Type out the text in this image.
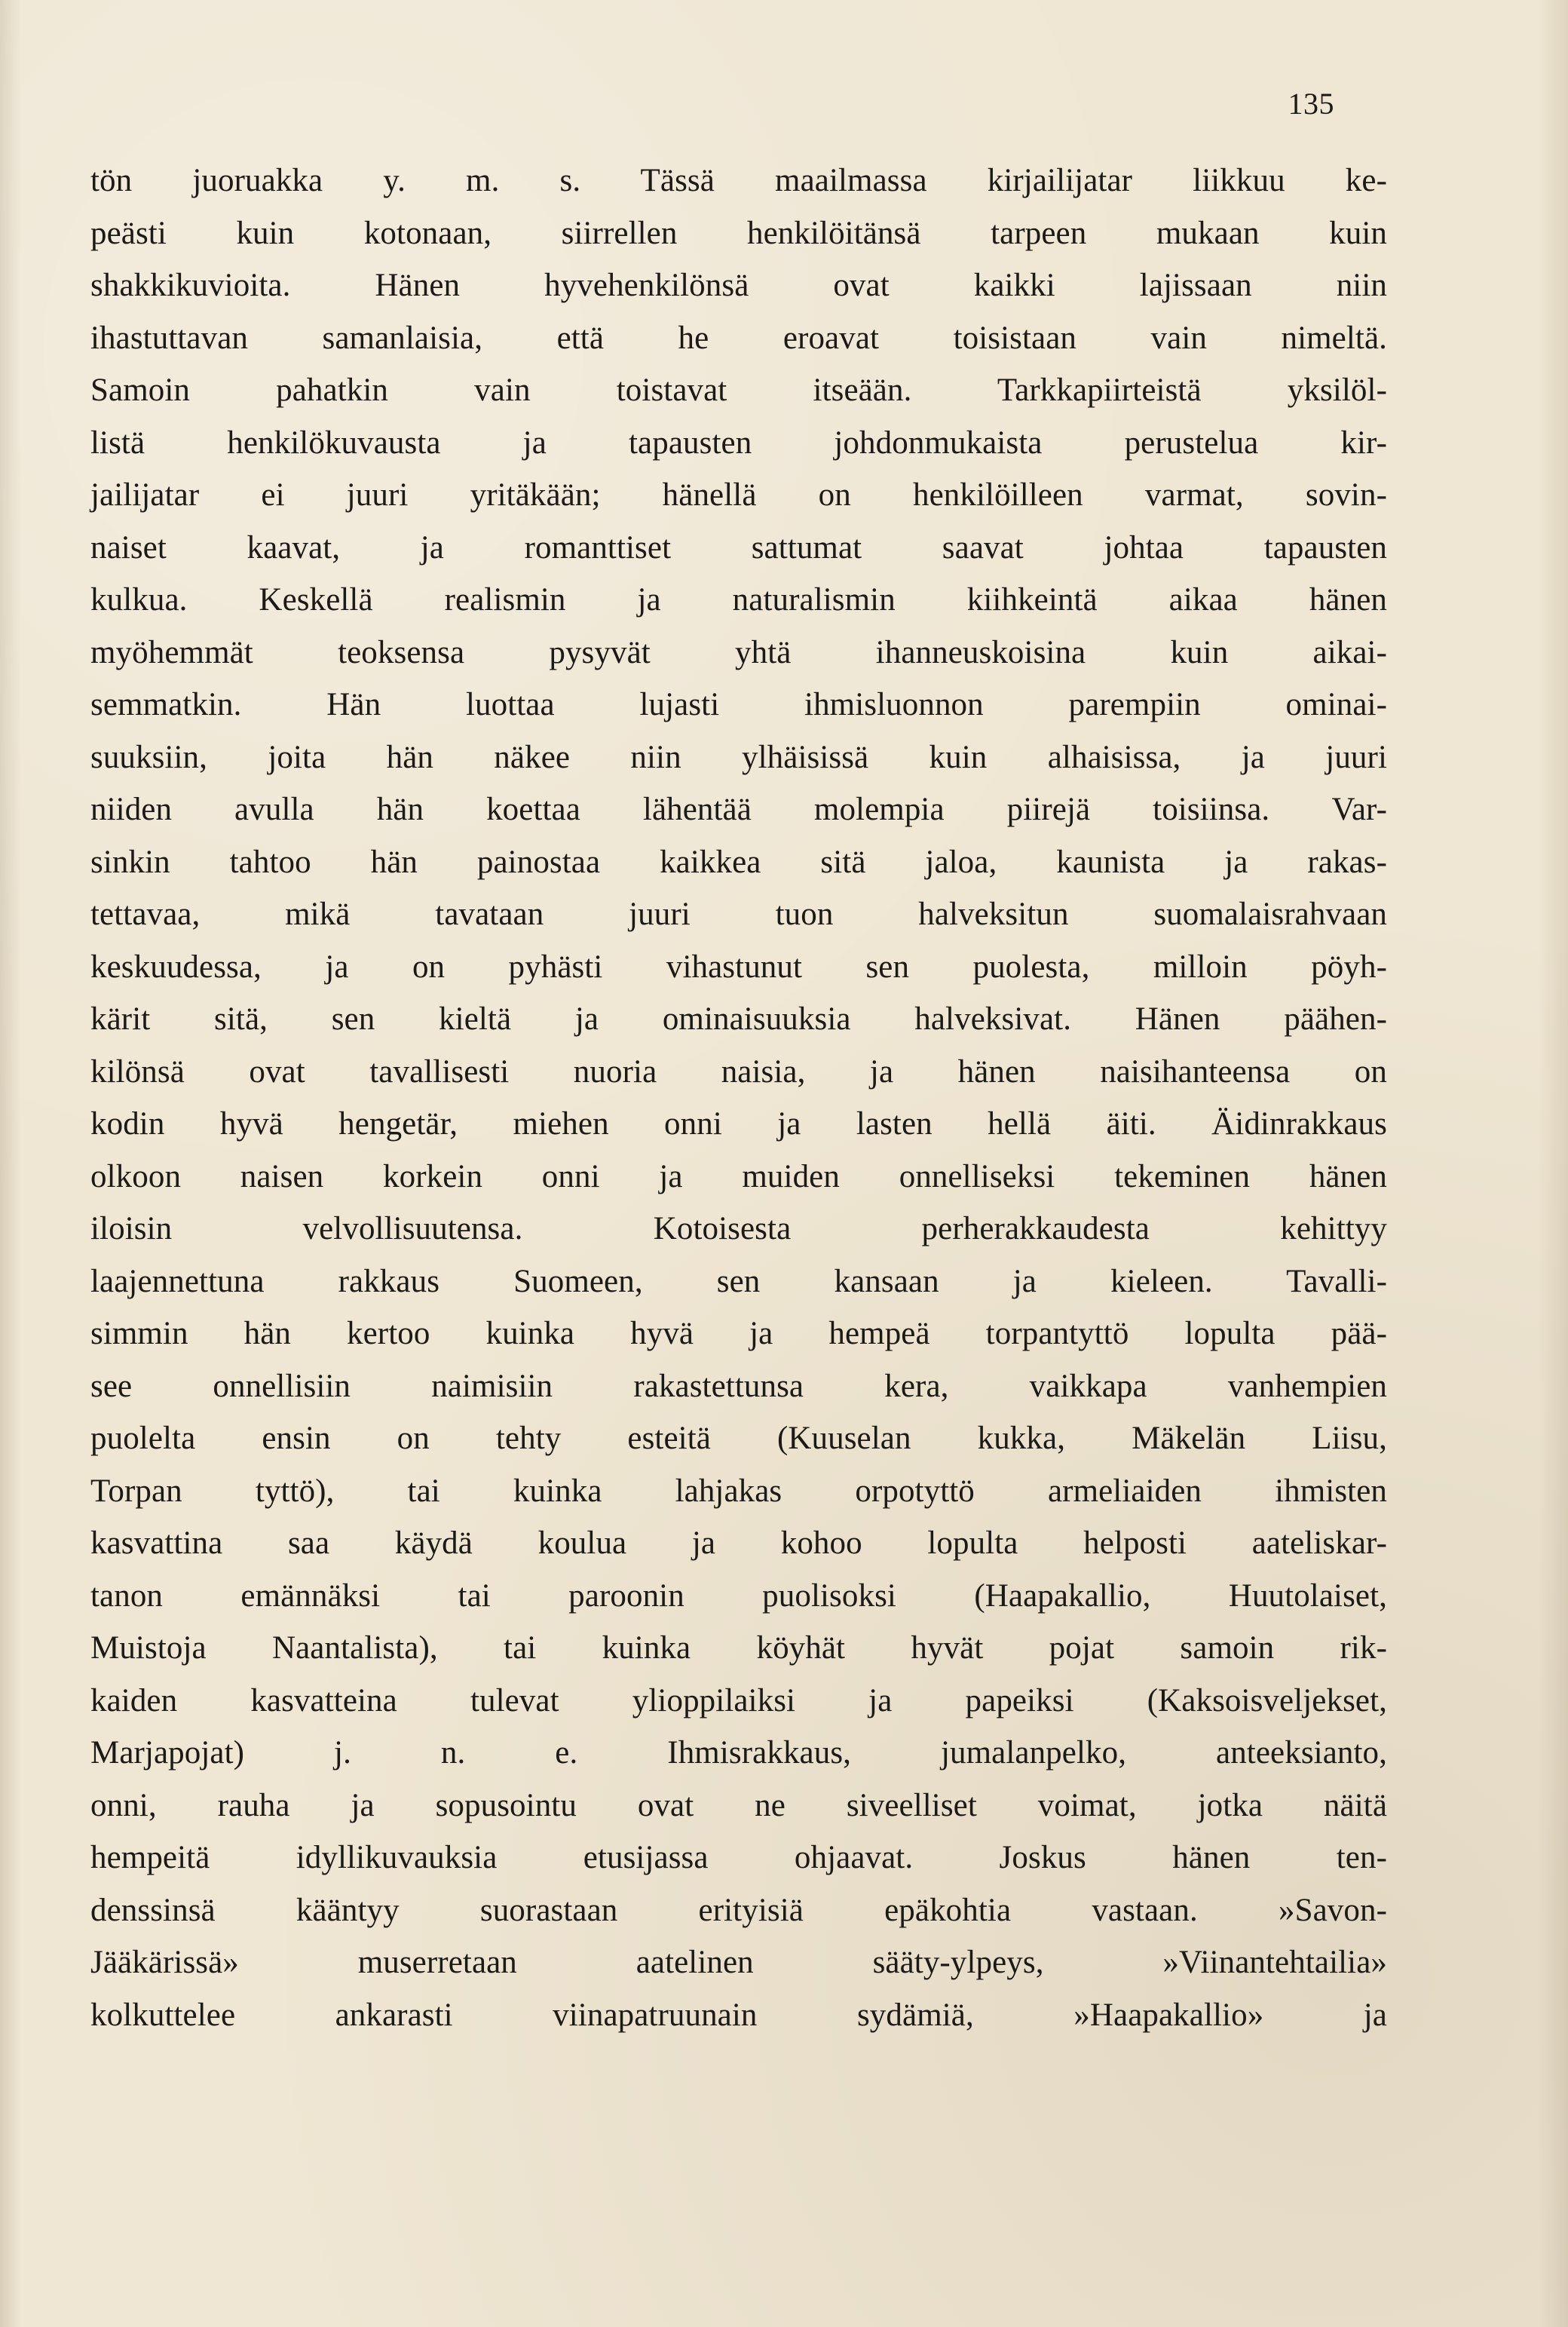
135
tön juoruakka y. m. s. Tässä maailmassa kirjailijatar liikkuu ke-
peästi kuin kotonaan, siirrellen henkilöitänsä tarpeen mukaan kuin
shakkikuvioita. Hänen hyvehenkilönsä ovat kaikki lajissaan niin
ihastuttavan samanlaisia, että he eroavat toisistaan vain nimeltä.
Samoin pahatkin vain toistavat itseään. Tarkkapiirteistä yksilöl-
listä henkilökuvausta ja tapausten johdonmukaista perustelua kir-
jailijatar ei juuri yritäkään; hänellä on henkilöilleen varmat, sovin-
naiset kaavat, ja romanttiset sattumat saavat johtaa tapausten
kulkua. Keskellä realismin ja naturalismin kiihkeintä aikaa hänen
myöhemmät teoksensa pysyvät yhtä ihanneuskoisina kuin aikai-
semmatkin. Hän luottaa lujasti ihmisluonnon parempiin ominai-
suuksiin, joita hän näkee niin ylhäisissä kuin alhaisissa, ja juuri
niiden avulla hän koettaa lähentää molempia piirejä toisiinsa. Var-
sinkin tahtoo hän painostaa kaikkea sitä jaloa, kaunista ja rakas-
tettavaa, mikä tavataan juuri tuon halveksitun suomalaisrahvaan
keskuudessa, ja on pyhästi vihastunut sen puolesta, milloin pöyh-
kärit sitä, sen kieltä ja ominaisuuksia halveksivat. Hänen päähen-
kilönsä ovat tavallisesti nuoria naisia, ja hänen naisihanteensa on
kodin hyvä hengetär, miehen onni ja lasten hellä äiti. Äidinrakkaus
olkoon naisen korkein onni ja muiden onnelliseksi tekeminen hänen
iloisin velvollisuutensa. Kotoisesta perherakkaudesta kehittyy
laajennettuna rakkaus Suomeen, sen kansaan ja kieleen. Tavalli-
simmin hän kertoo kuinka hyvä ja hempeä torpantyttö lopulta pää-
see onnellisiin naimisiin rakastettunsa kera, vaikkapa vanhempien
puolelta ensin on tehty esteitä (Kuuselan kukka, Mäkelän Liisu,
Torpan tyttö), tai kuinka lahjakas orpotyttö armeliaiden ihmisten
kasvattina saa käydä koulua ja kohoo lopulta helposti aateliskar-
tanon emännäksi tai paroonin puolisoksi (Haapakallio, Huutolaiset,
Muistoja Naantalista), tai kuinka köyhät hyvät pojat samoin rik-
kaiden kasvatteina tulevat ylioppilaiksi ja papeiksi (Kaksoisveljekset,
Marjapojat) j. n. e. Ihmisrakkaus, jumalanpelko, anteeksianto,
onni, rauha ja sopusointu ovat ne siveelliset voimat, jotka näitä
hempeitä idyllikuvauksia etusijassa ohjaavat. Joskus hänen ten-
denssinsä kääntyy suorastaan erityisiä epäkohtia vastaan. »Savon-
Jääkärissä» muserretaan aatelinen sääty-ylpeys, »Viinantehtailia»
kolkuttelee ankarasti viinapatruunain sydämiä, »Haapakallio» ja
